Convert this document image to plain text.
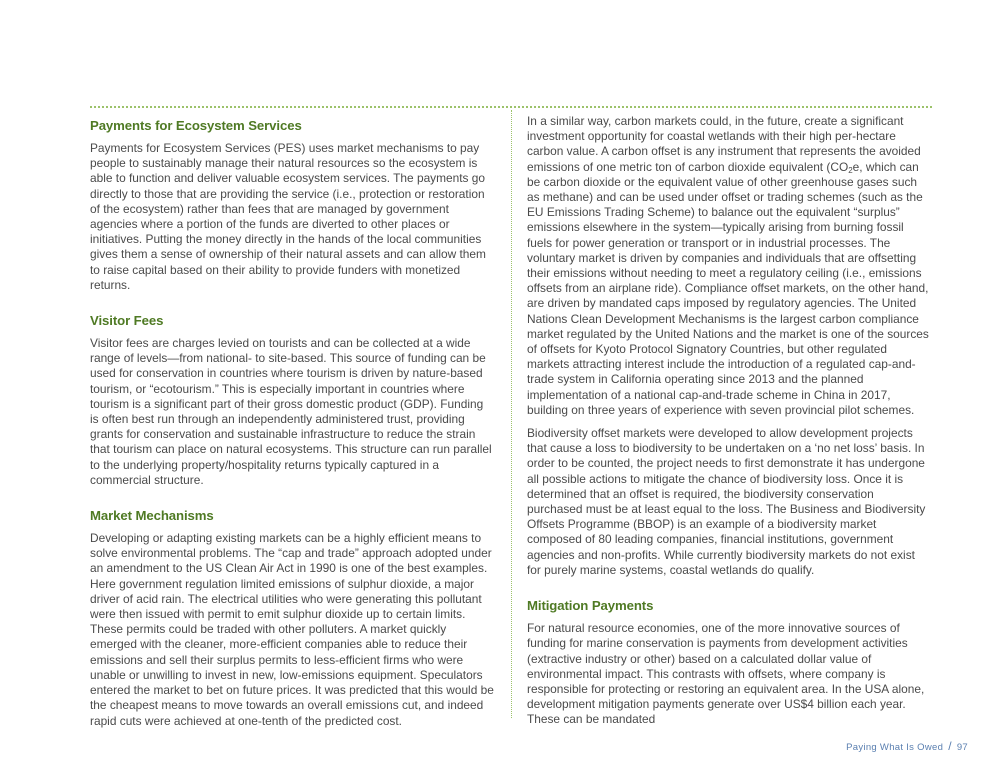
Payments for Ecosystem Services

Payments for Ecosystem Services (PES) uses market mechanisms to pay people to sustainably manage their natural resources so the ecosystem is able to function and deliver valuable ecosystem services. The payments go directly to those that are providing the service (i.e., protection or restoration of the ecosystem) rather than fees that are managed by government agencies where a portion of the funds are diverted to other places or initiatives. Putting the money directly in the hands of the local communities gives them a sense of ownership of their natural assets and can allow them to raise capital based on their ability to provide funders with monetized returns.

Visitor Fees

Visitor fees are charges levied on tourists and can be collected at a wide range of levels—from national- to site-based. This source of funding can be used for conservation in countries where tourism is driven by nature-based tourism, or “ecotourism.” This is especially important in countries where tourism is a significant part of their gross domestic product (GDP). Funding is often best run through an independently administered trust, providing grants for conservation and sustainable infrastructure to reduce the strain that tourism can place on natural ecosystems. This structure can run parallel to the underlying property/hospitality returns typically captured in a commercial structure.

Market Mechanisms

Developing or adapting existing markets can be a highly efficient means to solve environmental problems. The “cap and trade” approach adopted under an amendment to the US Clean Air Act in 1990 is one of the best examples. Here government regulation limited emissions of sulphur dioxide, a major driver of acid rain. The electrical utilities who were generating this pollutant were then issued with permit to emit sulphur dioxide up to certain limits. These permits could be traded with other polluters. A market quickly emerged with the cleaner, more-efficient companies able to reduce their emissions and sell their surplus permits to less-efficient firms who were unable or unwilling to invest in new, low-emissions equipment. Speculators entered the market to bet on future prices. It was predicted that this would be the cheapest means to move towards an overall emissions cut, and indeed rapid cuts were achieved at one-tenth of the predicted cost.

In a similar way, carbon markets could, in the future, create a significant investment opportunity for coastal wetlands with their high per-hectare carbon value. A carbon offset is any instrument that represents the avoided emissions of one metric ton of carbon dioxide equivalent ($CO_2e$, which can be carbon dioxide or the equivalent value of other greenhouse gases such as methane) and can be used under offset or trading schemes (such as the EU Emissions Trading Scheme) to balance out the equivalent “surplus” emissions elsewhere in the system—typically arising from burning fossil fuels for power generation or transport or in industrial processes. The voluntary market is driven by companies and individuals that are offsetting their emissions without needing to meet a regulatory ceiling (i.e., emissions offsets from an airplane ride). Compliance offset markets, on the other hand, are driven by mandated caps imposed by regulatory agencies. The United Nations Clean Development Mechanisms is the largest carbon compliance market regulated by the United Nations and the market is one of the sources of offsets for Kyoto Protocol Signatory Countries, but other regulated markets attracting interest include the introduction of a regulated cap-and-trade system in California operating since 2013 and the planned implementation of a national cap-and-trade scheme in China in 2017, building on three years of experience with seven provincial pilot schemes.

Biodiversity offset markets were developed to allow development projects that cause a loss to biodiversity to be undertaken on a ‘no net loss’ basis. In order to be counted, the project needs to first demonstrate it has undergone all possible actions to mitigate the chance of biodiversity loss. Once it is determined that an offset is required, the biodiversity conservation purchased must be at least equal to the loss. The Business and Biodiversity Offsets Programme (BBOP) is an example of a biodiversity market composed of 80 leading companies, financial institutions, government agencies and non-profits. While currently biodiversity markets do not exist for purely marine systems, coastal wetlands do qualify.

Mitigation Payments

For natural resource economies, one of the more innovative sources of funding for marine conservation is payments from development activities (extractive industry or other) based on a calculated dollar value of environmental impact. This contrasts with offsets, where company is responsible for protecting or restoring an equivalent area. In the USA alone, development mitigation payments generate over US$4 billion each year. These can be mandated

Paying What Is Owed / 97
